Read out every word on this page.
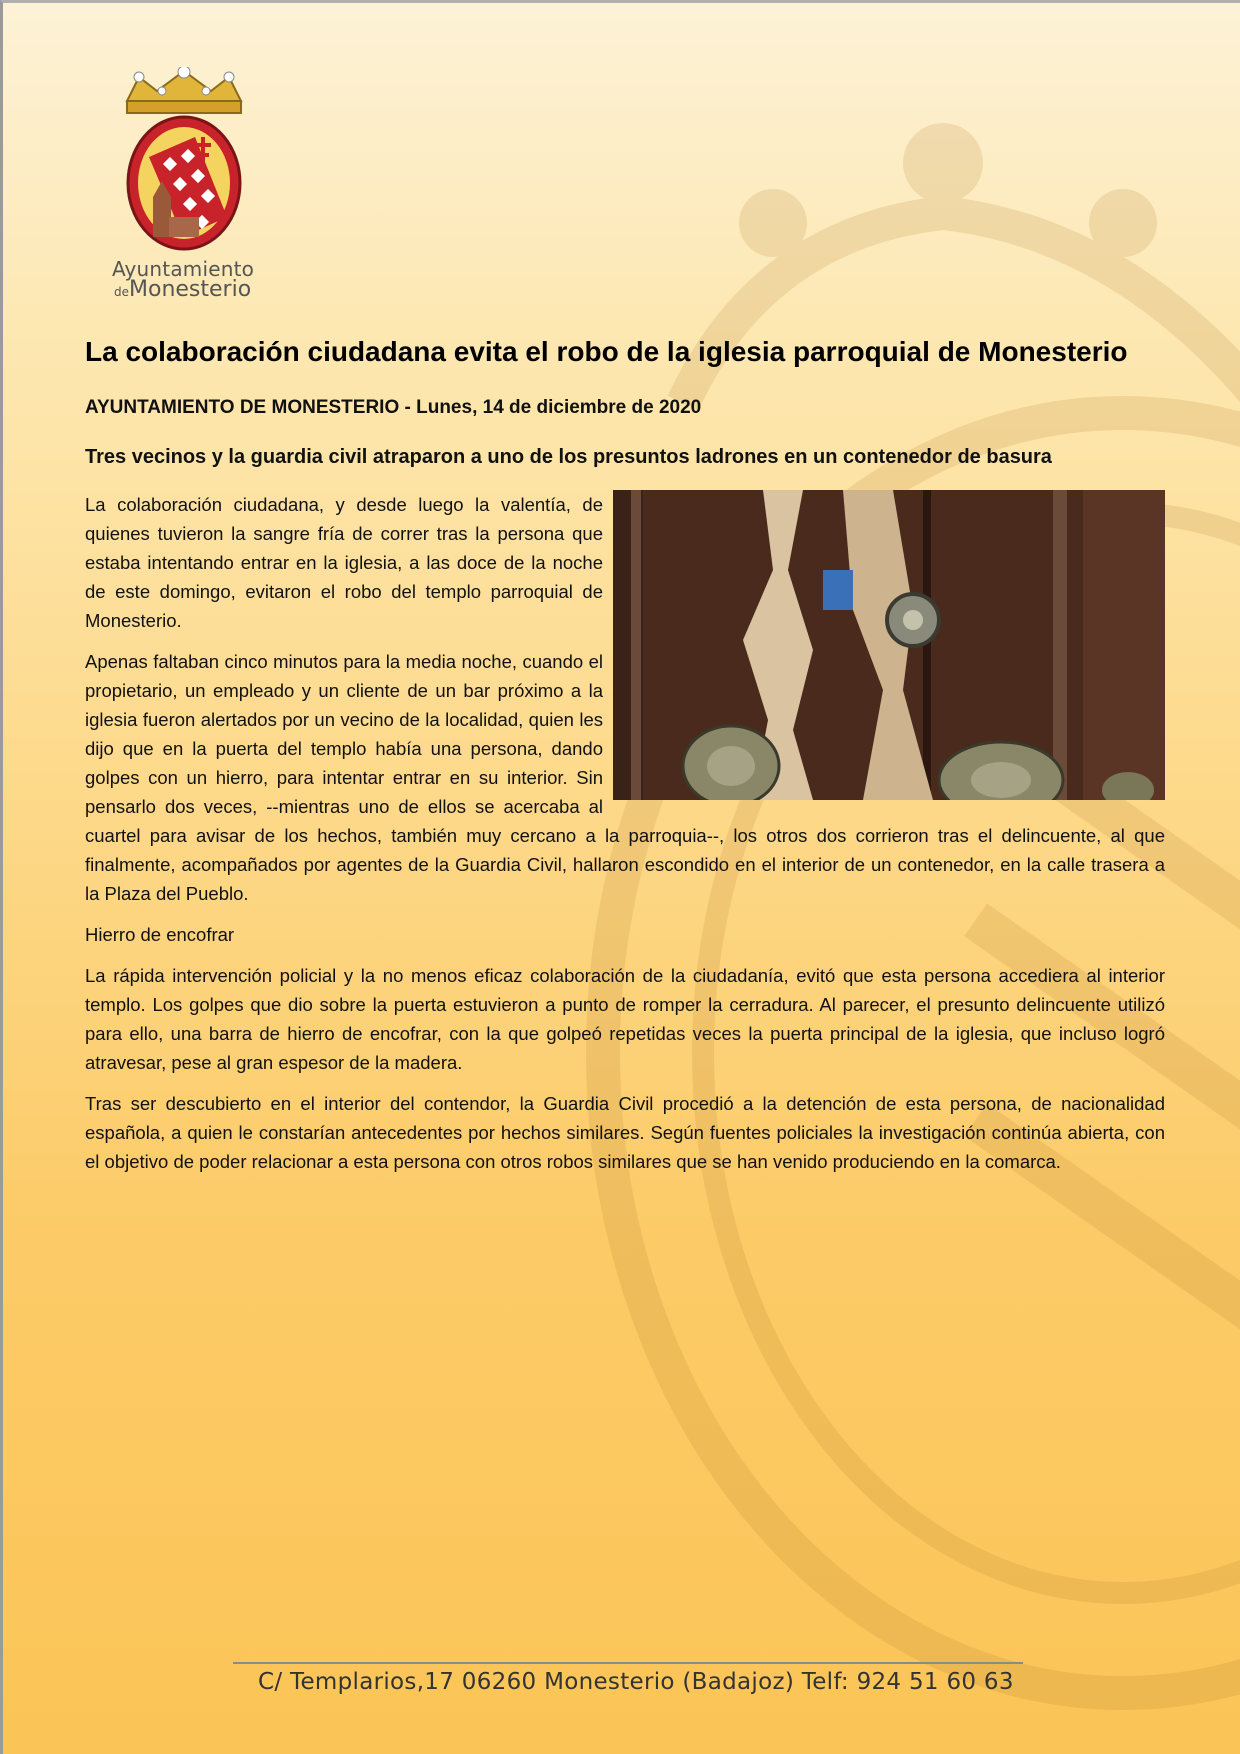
Ayuntamiento
deMonesterio
La colaboración ciudadana evita el robo de la iglesia parroquial de Monesterio
AYUNTAMIENTO DE MONESTERIO - Lunes, 14 de diciembre de 2020
Tres vecinos y la guardia civil atraparon a uno de los presuntos ladrones en un contenedor de basura

La colaboración ciudadana, y desde luego la valentía, de quienes tuvieron la sangre fría de correr tras la persona que estaba intentando entrar en la iglesia, a las doce de la noche de este domingo, evitaron el robo del templo parroquial de Monesterio.

Apenas faltaban cinco minutos para la media noche, cuando el propietario, un empleado y un cliente de un bar próximo a la iglesia fueron alertados por un vecino de la localidad, quien les dijo que en la puerta del templo había una persona, dando golpes con un hierro, para intentar entrar en su interior. Sin pensarlo dos veces, --mientras uno de ellos se acercaba al cuartel para avisar de los hechos, también muy cercano a la parroquia--, los otros dos corrieron tras el delincuente, al que finalmente, acompañados por agentes de la Guardia Civil, hallaron escondido en el interior de un contenedor, en la calle trasera a la Plaza del Pueblo.

Hierro de encofrar

La rápida intervención policial y la no menos eficaz colaboración de la ciudadanía, evitó que esta persona accediera al interior templo. Los golpes que dio sobre la puerta estuvieron a punto de romper la cerradura. Al parecer, el presunto delincuente utilizó para ello, una barra de hierro de encofrar, con la que golpeó repetidas veces la puerta principal de la iglesia, que incluso logró atravesar, pese al gran espesor de la madera.

Tras ser descubierto en el interior del contendor, la Guardia Civil procedió a la detención de esta persona, de nacionalidad española, a quien le constarían antecedentes por hechos similares. Según fuentes policiales la investigación continúa abierta, con el objetivo de poder relacionar a esta persona con otros robos similares que se han venido produciendo en la comarca.

C/ Templarios,17 06260 Monesterio (Badajoz) Telf: 924 51 60 63
